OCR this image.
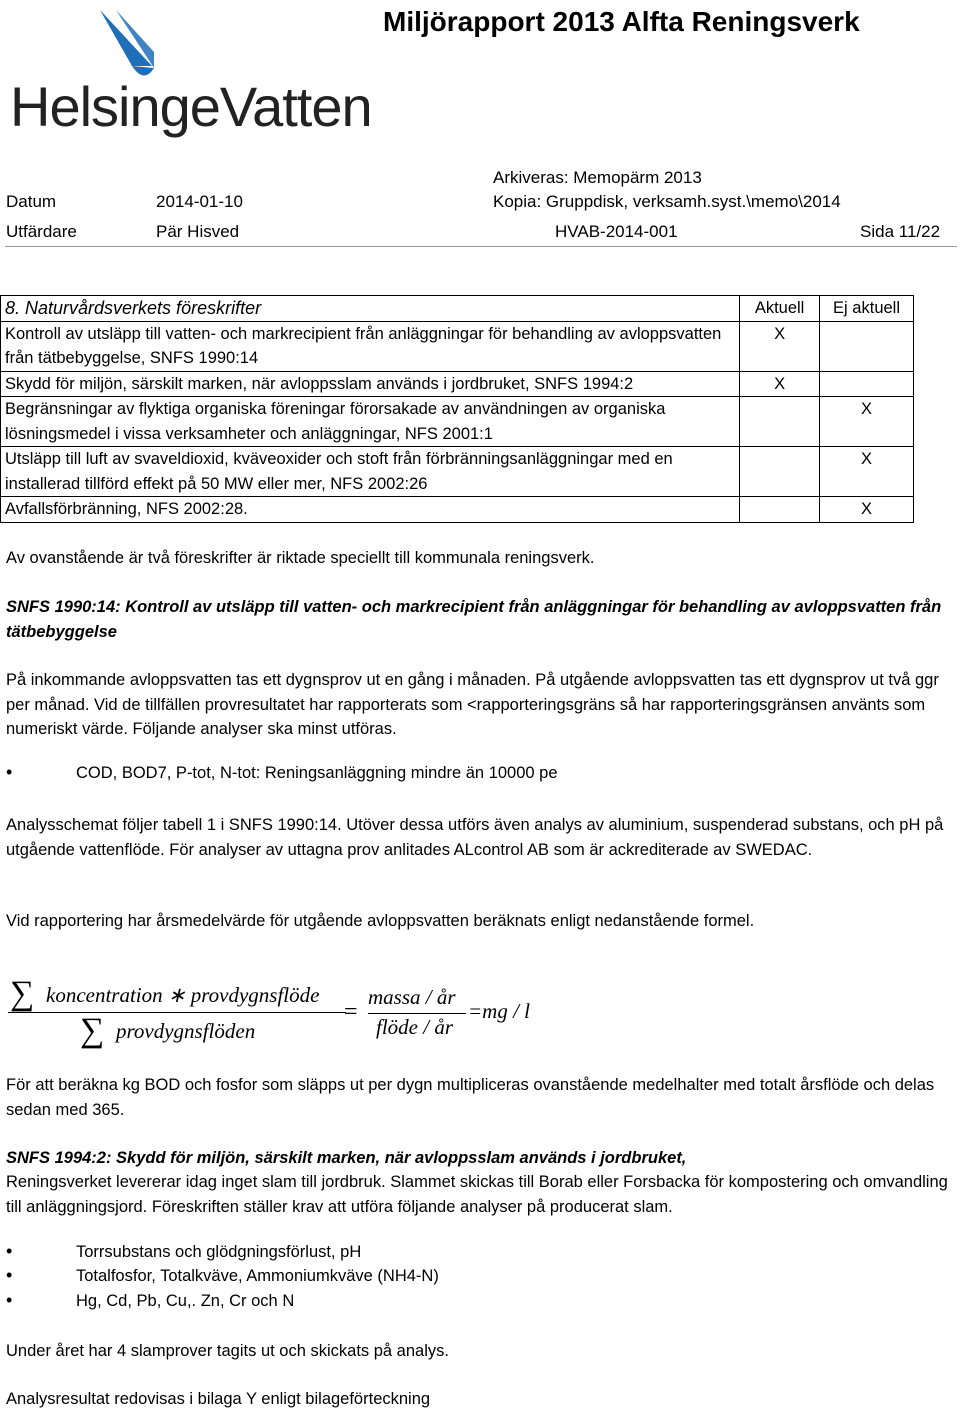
Miljörapport 2013 Alfta Reningsverk
HelsingeVatten
Arkiveras: Memopärm 2013
Datum	2014-01-10	Kopia: Gruppdisk, verksamh.syst.\memo\2014
Utfärdare	Pär Hisved	HVAB-2014-001	Sida 11/22
8. Naturvårdsverkets föreskrifter	Aktuell	Ej aktuell
Kontroll av utsläpp till vatten- och markrecipient från anläggningar för behandling av avloppsvatten från tätbebyggelse, SNFS 1990:14	X	
Skydd för miljön, särskilt marken, när avloppsslam används i jordbruket, SNFS 1994:2	X	
Begränsningar av flyktiga organiska föreningar förorsakade av användningen av organiska lösningsmedel i vissa verksamheter och anläggningar, NFS 2001:1		X
Utsläpp till luft av svaveldioxid, kväveoxider och stoft från förbränningsanläggningar med en installerad tillförd effekt på 50 MW eller mer, NFS 2002:26		X
Avfallsförbränning, NFS 2002:28.		X
Av ovanstående är två föreskrifter är riktade speciellt till kommunala reningsverk.
SNFS 1990:14: Kontroll av utsläpp till vatten- och markrecipient från anläggningar för behandling av avloppsvatten från tätbebyggelse
På inkommande avloppsvatten tas ett dygnsprov ut en gång i månaden. På utgående avloppsvatten tas ett dygnsprov ut två ggr per månad. Vid de tillfällen provresultatet har rapporterats som <rapporteringsgräns så har rapporteringsgränsen använts som numeriskt värde. Följande analyser ska minst utföras.
•	COD, BOD7, P-tot, N-tot: Reningsanläggning mindre än 10000 pe
Analysschemat följer tabell 1 i SNFS 1990:14. Utöver dessa utförs även analys av aluminium, suspenderad substans, och pH på utgående vattenflöde. För analyser av uttagna prov anlitades ALcontrol AB som är ackrediterade av SWEDAC.
Vid rapportering har årsmedelvärde för utgående avloppsvatten beräknats enligt nedanstående formel.
∑ koncentration ∗ provdygnsflöde
∑ provdygnsflöden
=
massa / år
flöde / år
=mg / l
För att beräkna kg BOD och fosfor som släpps ut per dygn multipliceras ovanstående medelhalter med totalt årsflöde och delas sedan med 365.
SNFS 1994:2: Skydd för miljön, särskilt marken, när avloppsslam används i jordbruket,
Reningsverket levererar idag inget slam till jordbruk. Slammet skickas till Borab eller Forsbacka för kompostering och omvandling till anläggningsjord. Föreskriften ställer krav att utföra följande analyser på producerat slam.
•	Torrsubstans och glödgningsförlust, pH
•	Totalfosfor, Totalkväve, Ammoniumkväve (NH4-N)
•	Hg, Cd, Pb, Cu,. Zn, Cr och N
Under året har 4 slamprover tagits ut och skickats på analys.
Analysresultat redovisas i bilaga Y enligt bilageförteckning
